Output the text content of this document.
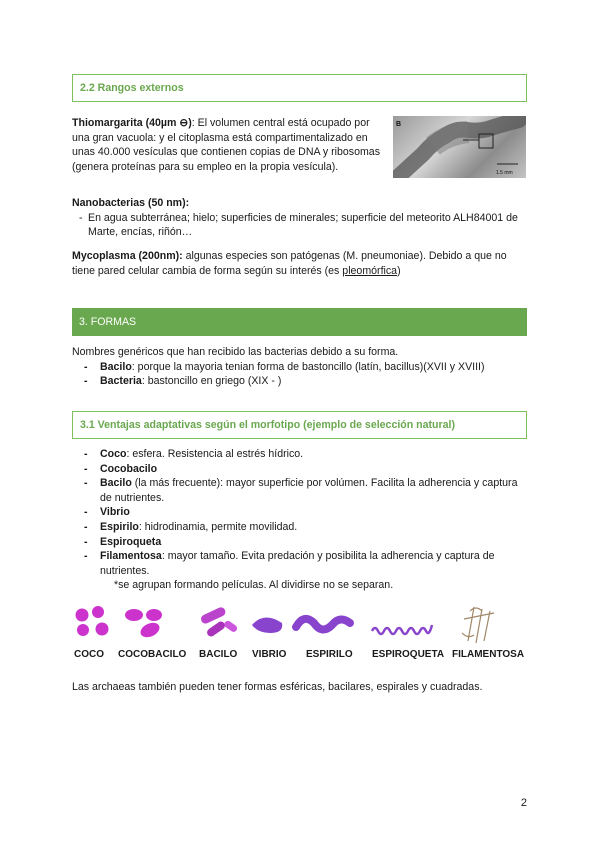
2.2 Rangos externos
Thiomargarita (40µm ⊖): El volumen central está ocupado por una gran vacuola: y el citoplasma está compartimentalizado en unas 40.000 vesículas que contienen copias de DNA y ribosomas (genera proteínas para su empleo en la propia vesícula).
B
1.5 mm
Nanobacterias (50 nm):
- En agua subterránea; hielo; superficies de minerales; superficie del meteorito ALH84001 de Marte, encías, riñón…
Mycoplasma (200nm): algunas especies son patógenas (M. pneumoniae). Debido a que no tiene pared celular cambia de forma según su interés (es pleomórfica)
3. FORMAS
Nombres genéricos que han recibido las bacterias debido a su forma.
- Bacilo: porque la mayoria tenian forma de bastoncillo (latín, bacillus)(XVII y XVIII)
- Bacteria: bastoncillo en griego (XIX - )
3.1 Ventajas adaptativas según el morfotipo (ejemplo de selección natural)
- Coco: esfera. Resistencia al estrés hídrico.
- Cocobacilo
- Bacilo (la más frecuente): mayor superficie por volúmen. Facilita la adherencia y captura de nutrientes.
- Vibrio
- Espirilo: hidrodinamia, permite movilidad.
- Espiroqueta
- Filamentosa: mayor tamaño. Evita predación y posibilita la adherencia y captura de nutrientes.
*se agrupan formando películas. Al dividirse no se separan.
COCO COCOBACILO BACILO VIBRIO ESPIRILO ESPIROQUETA FILAMENTOSA
Las archaeas también pueden tener formas esféricas, bacilares, espirales y cuadradas.
2
